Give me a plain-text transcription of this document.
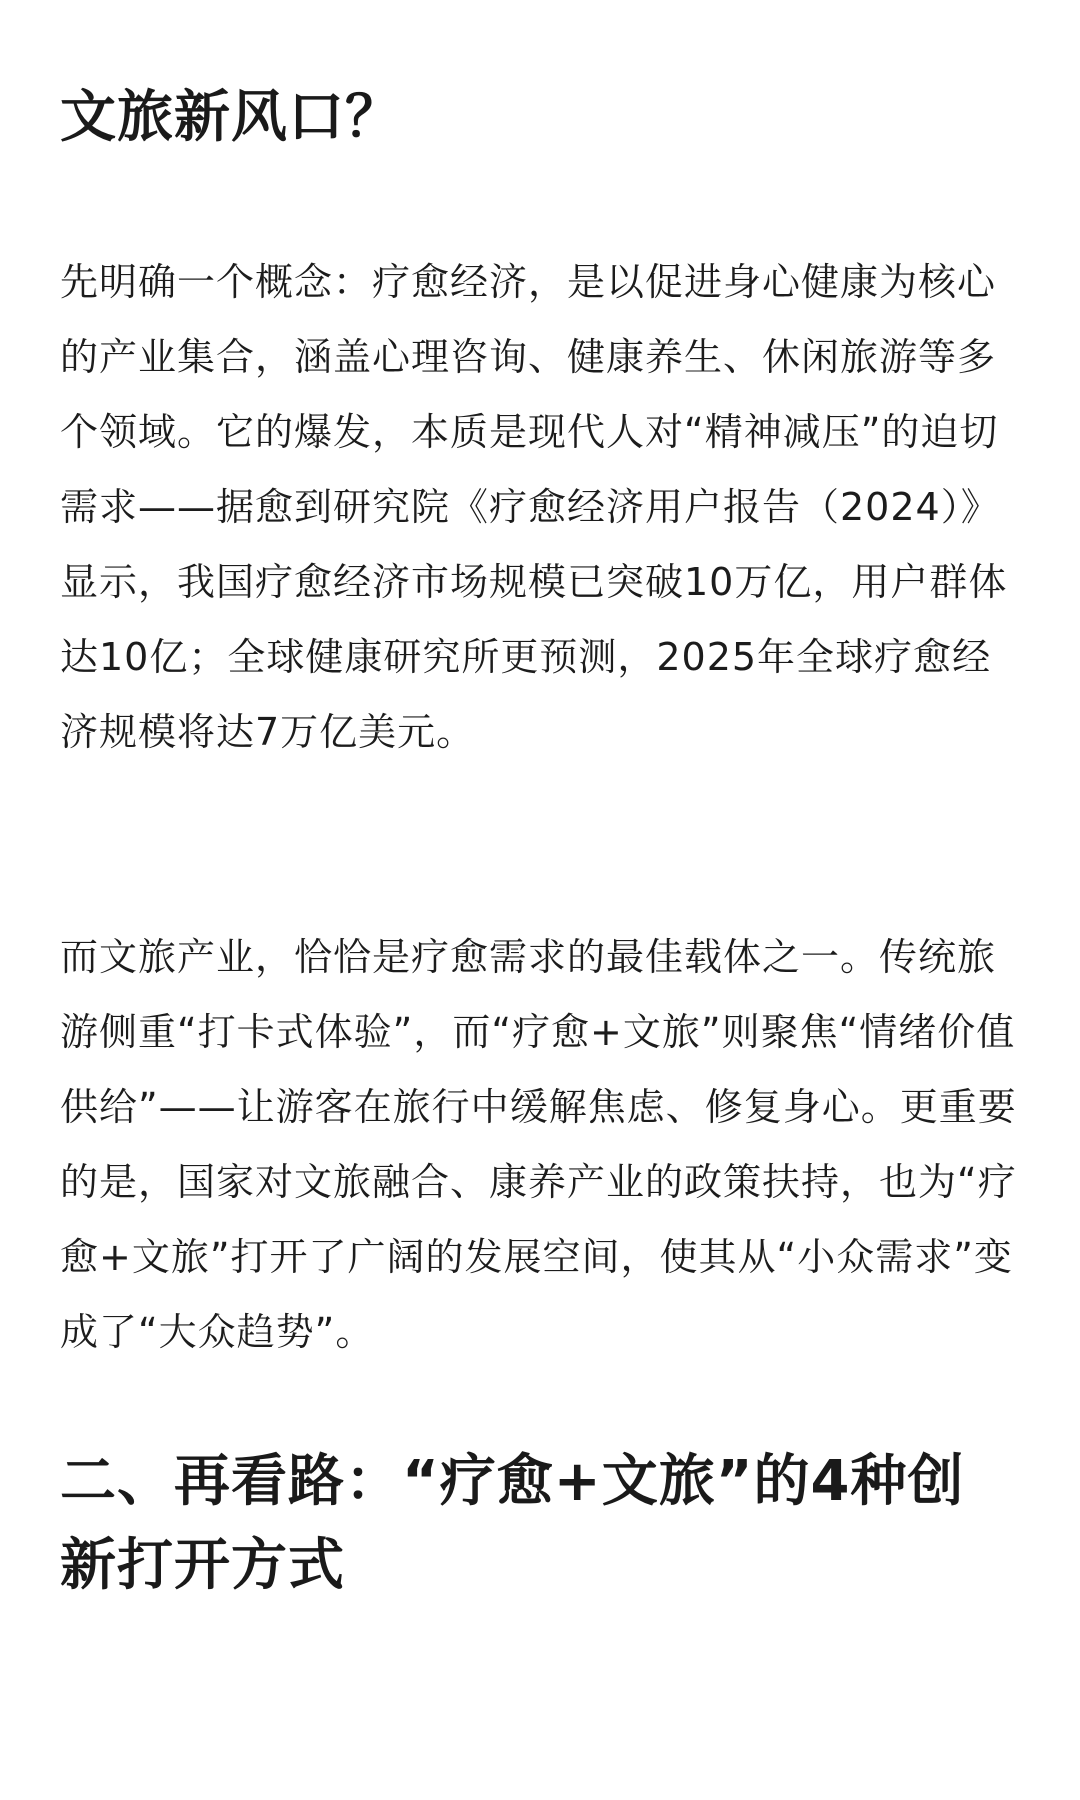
文旅新风口？

先明确一个概念：疗愈经济，是以促进身心健康为核心的产业集合，涵盖心理咨询、健康养生、休闲旅游等多个领域。它的爆发，本质是现代人对“精神减压”的迫切需求——据愈到研究院《疗愈经济用户报告（2024）》显示，我国疗愈经济市场规模已突破10万亿，用户群体达10亿；全球健康研究所更预测，2025年全球疗愈经济规模将达7万亿美元。

而文旅产业，恰恰是疗愈需求的最佳载体之一。传统旅游侧重“打卡式体验”，而“疗愈+文旅”则聚焦“情绪价值供给”——让游客在旅行中缓解焦虑、修复身心。更重要的是，国家对文旅融合、康养产业的政策扶持，也为“疗愈+文旅”打开了广阔的发展空间，使其从“小众需求”变成了“大众趋势”。

二、再看路：“疗愈+文旅”的4种创新打开方式
